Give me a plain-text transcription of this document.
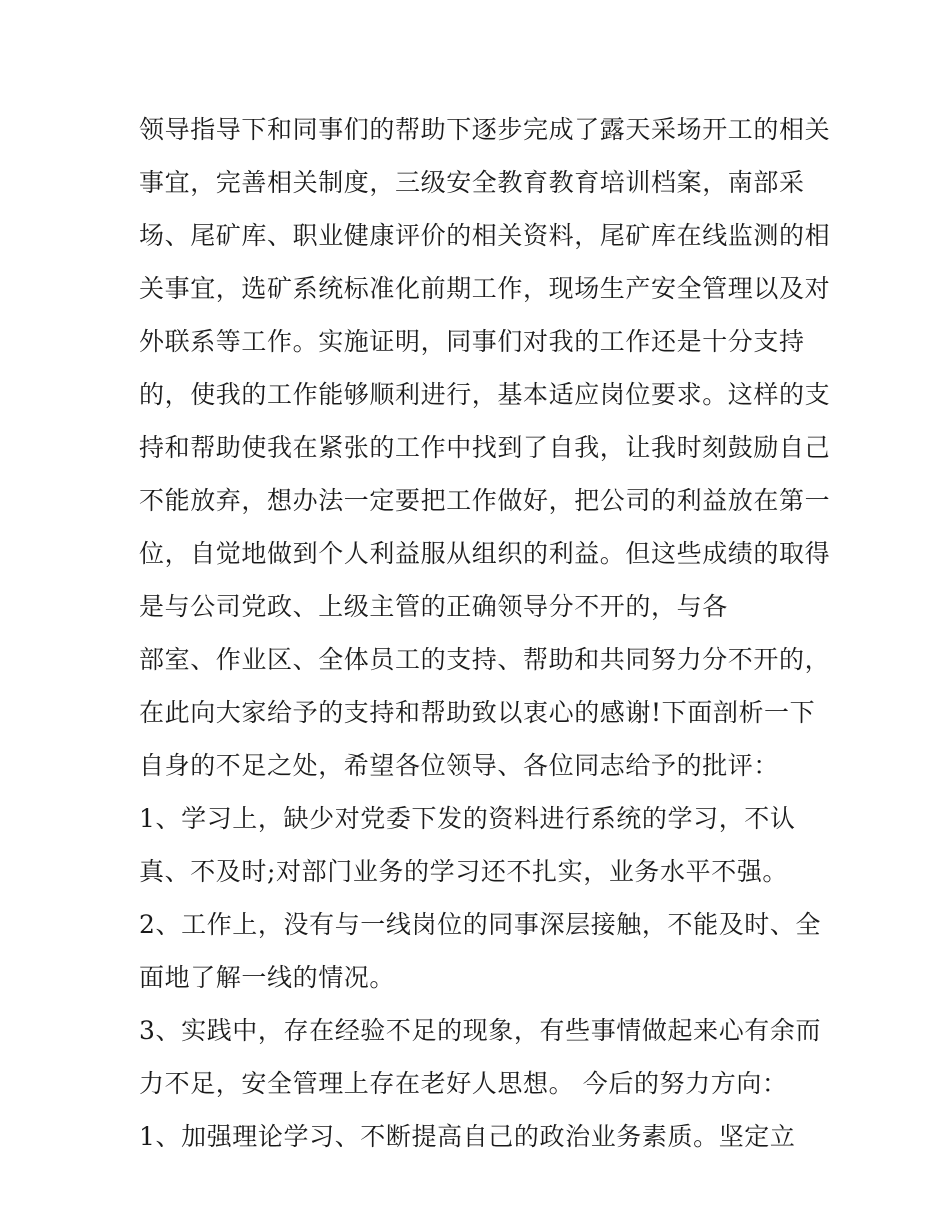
领导指导下和同事们的帮助下逐步完成了露天采场开工的相关
事宜，完善相关制度，三级安全教育教育培训档案，南部采
场、尾矿库、职业健康评价的相关资料，尾矿库在线监测的相
关事宜，选矿系统标准化前期工作，现场生产安全管理以及对
外联系等工作。实施证明，同事们对我的工作还是十分支持
的，使我的工作能够顺利进行，基本适应岗位要求。这样的支
持和帮助使我在紧张的工作中找到了自我，让我时刻鼓励自己
不能放弃，想办法一定要把工作做好，把公司的利益放在第一
位，自觉地做到个人利益服从组织的利益。但这些成绩的取得
是与公司党政、上级主管的正确领导分不开的，与各
部室、作业区、全体员工的支持、帮助和共同努力分不开的，
在此向大家给予的支持和帮助致以衷心的感谢!下面剖析一下
自身的不足之处，希望各位领导、各位同志给予的批评：
1、学习上，缺少对党委下发的资料进行系统的学习，不认
真、不及时;对部门业务的学习还不扎实，业务水平不强。
2、工作上，没有与一线岗位的同事深层接触，不能及时、全
面地了解一线的情况。
3、实践中，存在经验不足的现象，有些事情做起来心有余而
力不足，安全管理上存在老好人思想。 今后的努力方向：
1、加强理论学习、不断提高自己的政治业务素质。坚定立
